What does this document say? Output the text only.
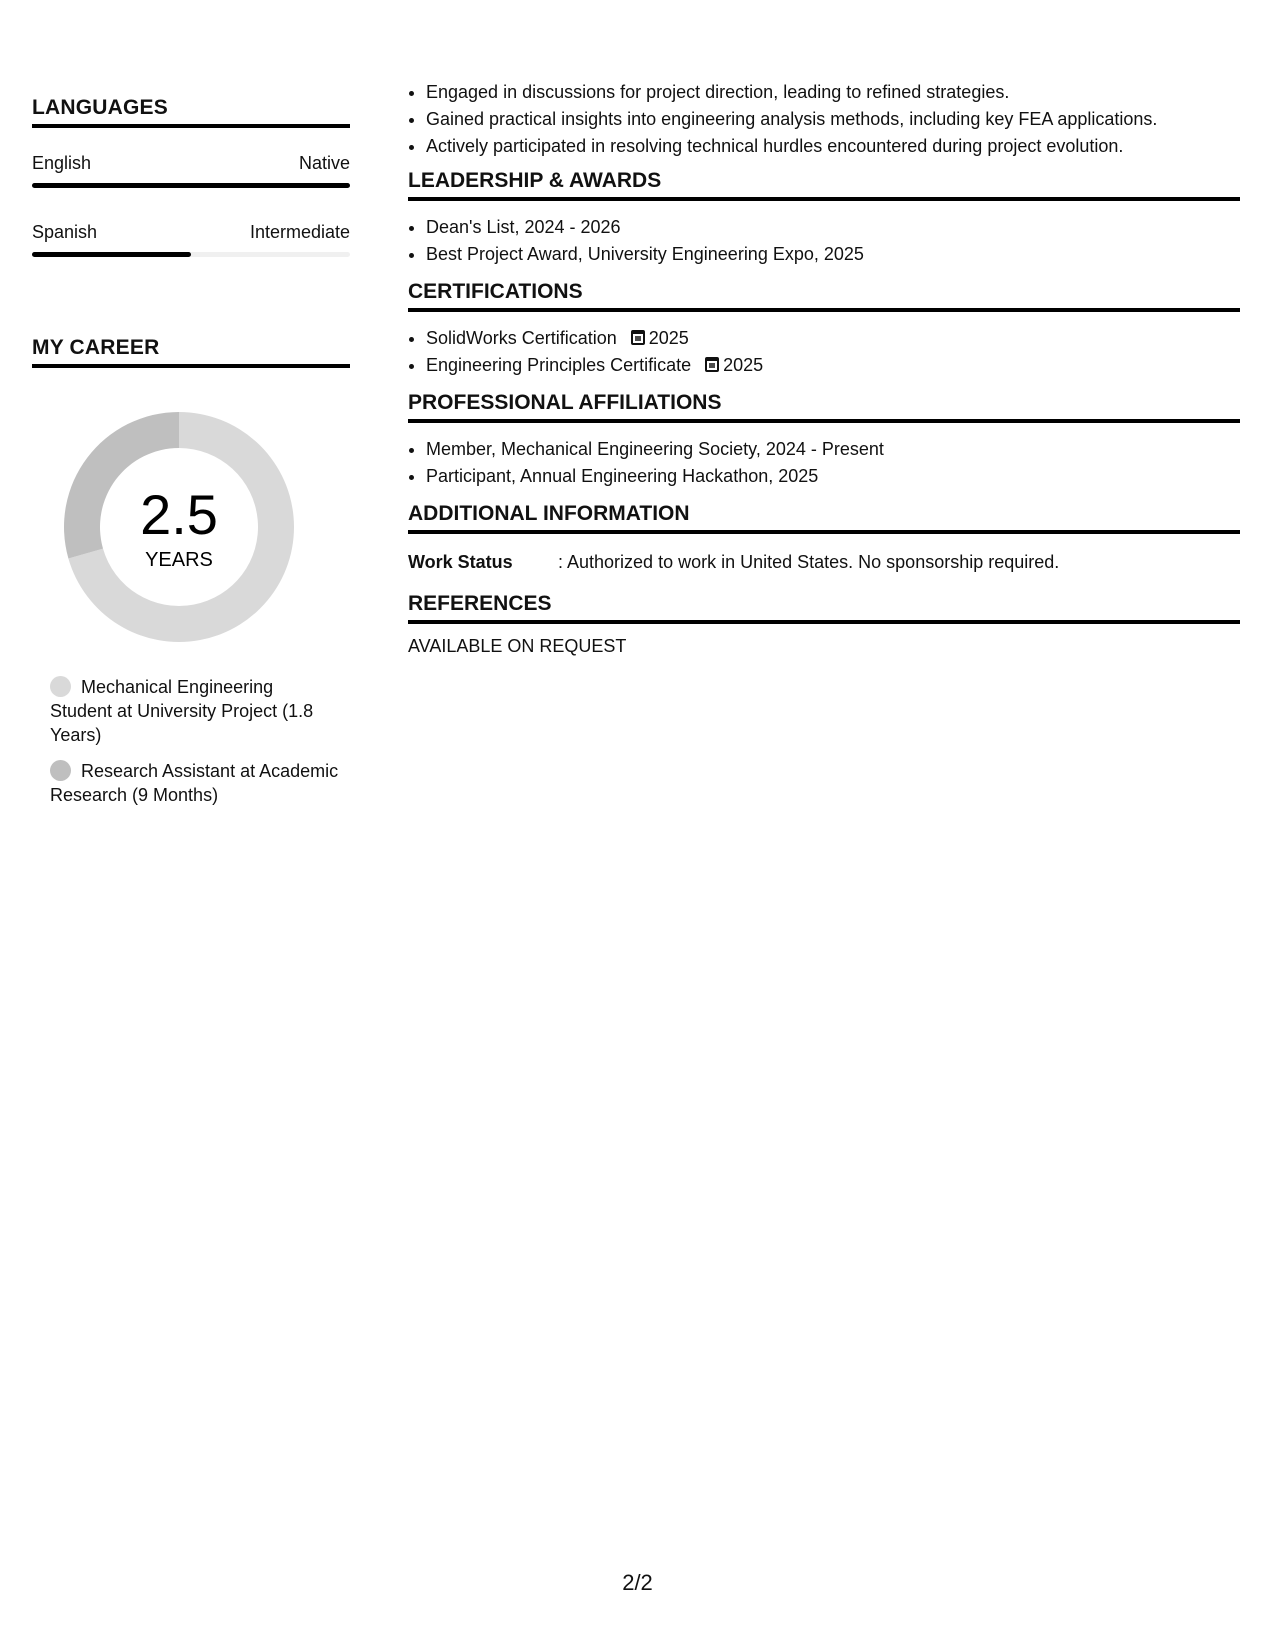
LANGUAGES
English	Native
Spanish	Intermediate
MY CAREER
2.5
YEARS
Mechanical Engineering Student at University Project (1.8 Years)
Research Assistant at Academic Research (9 Months)
• Engaged in discussions for project direction, leading to refined strategies.
• Gained practical insights into engineering analysis methods, including key FEA applications.
• Actively participated in resolving technical hurdles encountered during project evolution.
LEADERSHIP & AWARDS
• Dean's List, 2024 - 2026
• Best Project Award, University Engineering Expo, 2025
CERTIFICATIONS
• SolidWorks Certification 2025
• Engineering Principles Certificate 2025
PROFESSIONAL AFFILIATIONS
• Member, Mechanical Engineering Society, 2024 - Present
• Participant, Annual Engineering Hackathon, 2025
ADDITIONAL INFORMATION
Work Status	: Authorized to work in United States. No sponsorship required.
REFERENCES
AVAILABLE ON REQUEST
2/2
